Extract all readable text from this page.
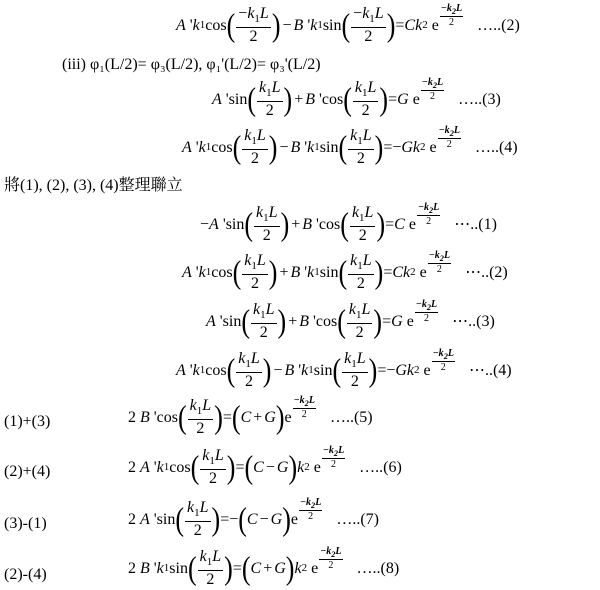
A ' k 1 cos ( $\frac{-k_1L}{2}$ ) − B ' k 1 sin ( $\frac{-k_1L}{2}$ ) = Ck 2 e
$-k_2L$
2 …..(2)
(iii) φ₁(L/2)= φ₃(L/2), φ₁'(L/2)= φ₃'(L/2)
A 'sin ( $\frac{k_1L}{2}$ ) + B 'cos ( $\frac{k_1L}{2}$ ) = G e
$-k_2L$
2 …..(3)
A ' k 1 cos ( $\frac{k_1L}{2}$ ) − B ' k 1 sin ( $\frac{k_1L}{2}$ ) =− Gk 2 e
$-k_2L$
2 …..(4)
將(1), (2), (3), (4)整理聯立
− A 'sin ( $\frac{k_1L}{2}$ ) + B 'cos ( $\frac{k_1L}{2}$ ) = C e
$-k_2L$
2 ⋯..(1)
A ' k 1 cos ( $\frac{k_1L}{2}$ ) + B ' k 1 sin ( $\frac{k_1L}{2}$ ) = Ck 2 e
$-k_2L$
2 ⋯..(2)
A 'sin ( $\frac{k_1L}{2}$ ) + B 'cos ( $\frac{k_1L}{2}$ ) = G e
$-k_2L$
2 ⋯..(3)
A ' k 1 cos ( $\frac{k_1L}{2}$ ) − B ' k 1 sin ( $\frac{k_1L}{2}$ ) =− Gk 2 e
$-k_2L$
2 ⋯..(4)
(1)+(3)	2 B 'cos ( $\frac{k_1L}{2}$ ) = ( C + G ) e
$-k_2L$
2 …..(5)
(2)+(4)	2 A ' k 1 cos ( $\frac{k_1L}{2}$ ) = ( C − G ) k 2 e
$-k_2L$
2 …..(6)
(3)-(1)	2 A 'sin ( $\frac{k_1L}{2}$ ) =− ( C − G ) e
$-k_2L$
2 …..(7)
(2)-(4)	2 B ' k 1 sin ( $\frac{k_1L}{2}$ ) = ( C + G ) k 2 e
$-k_2L$
2 …..(8)
